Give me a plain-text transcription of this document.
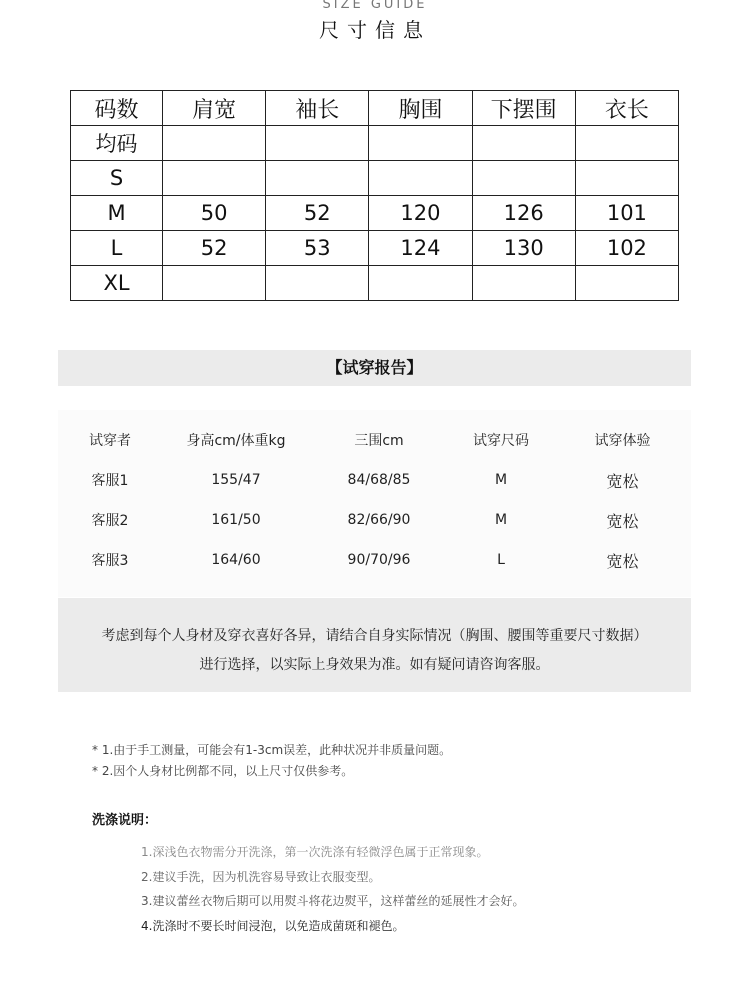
SIZE GUIDE
尺寸信息
码数	肩宽	袖长	胸围	下摆围	衣长
均码					
S					
M	50	52	120	126	101
L	52	53	124	130	102
XL					
【试穿报告】
试穿者	身高cm/体重kg	三围cm	试穿尺码	试穿体验
客服1	155/47	84/68/85	M	宽松
客服2	161/50	82/66/90	M	宽松
客服3	164/60	90/70/96	L	宽松
考虑到每个人身材及穿衣喜好各异，请结合自身实际情况（胸围、腰围等重要尺寸数据）
进行选择，以实际上身效果为准。如有疑问请咨询客服。
* 1.由于手工测量，可能会有1-3cm误差，此种状况并非质量问题。
* 2.因个人身材比例都不同，以上尺寸仅供参考。
洗涤说明：
1.深浅色衣物需分开洗涤，第一次洗涤有轻微浮色属于正常现象。
2.建议手洗，因为机洗容易导致让衣服变型。
3.建议蕾丝衣物后期可以用熨斗将花边熨平，这样蕾丝的延展性才会好。
4.洗涤时不要长时间浸泡，以免造成菌斑和褪色。
